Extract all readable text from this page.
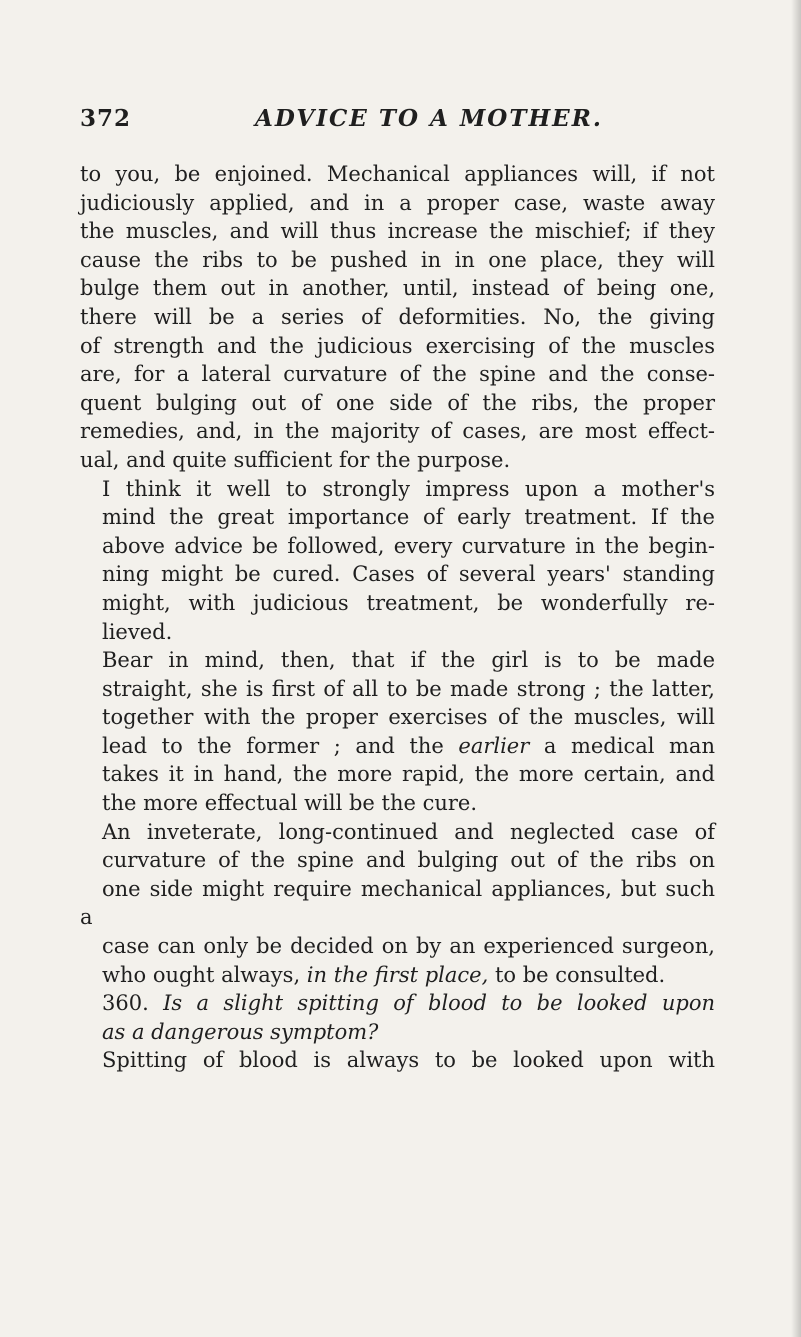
372	ADVICE TO A MOTHER.

to you, be enjoined. Mechanical appliances will, if not
judiciously applied, and in a proper case, waste away
the muscles, and will thus increase the mischief; if they
cause the ribs to be pushed in in one place, they will
bulge them out in another, until, instead of being one,
there will be a series of deformities. No, the giving
of strength and the judicious exercising of the muscles
are, for a lateral curvature of the spine and the conse-
quent bulging out of one side of the ribs, the proper
remedies, and, in the majority of cases, are most effect-
ual, and quite sufficient for the purpose.

I think it well to strongly impress upon a mother's
mind the great importance of early treatment. If the
above advice be followed, every curvature in the begin-
ning might be cured. Cases of several years' standing
might, with judicious treatment, be wonderfully re-
lieved.

Bear in mind, then, that if the girl is to be made
straight, she is first of all to be made strong ; the latter,
together with the proper exercises of the muscles, will
lead to the former ; and the earlier a medical man
takes it in hand, the more rapid, the more certain, and
the more effectual will be the cure.

An inveterate, long-continued and neglected case of
curvature of the spine and bulging out of the ribs on
one side might require mechanical appliances, but such a
case can only be decided on by an experienced surgeon,
who ought always, in the first place, to be consulted.

360. Is a slight spitting of blood to be looked upon
as a dangerous symptom?

Spitting of blood is always to be looked upon with
